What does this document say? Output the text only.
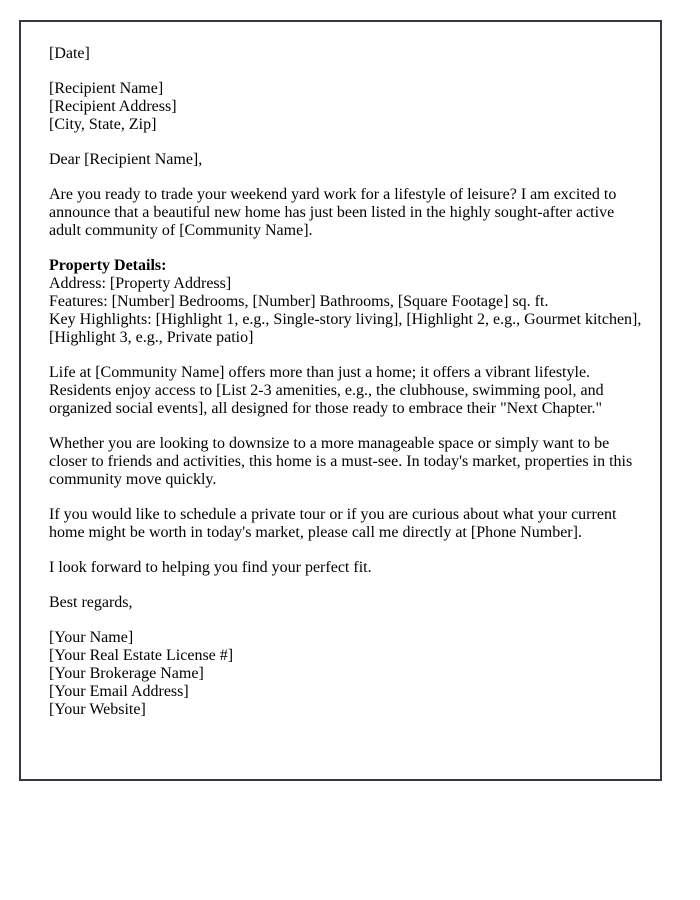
[Date]

[Recipient Name]
[Recipient Address]
[City, State, Zip]

Dear [Recipient Name],

Are you ready to trade your weekend yard work for a lifestyle of leisure? I am excited to announce that a beautiful new home has just been listed in the highly sought-after active adult community of [Community Name].

Property Details:
Address: [Property Address]
Features: [Number] Bedrooms, [Number] Bathrooms, [Square Footage] sq. ft.
Key Highlights: [Highlight 1, e.g., Single-story living], [Highlight 2, e.g., Gourmet kitchen], [Highlight 3, e.g., Private patio]

Life at [Community Name] offers more than just a home; it offers a vibrant lifestyle. Residents enjoy access to [List 2-3 amenities, e.g., the clubhouse, swimming pool, and organized social events], all designed for those ready to embrace their "Next Chapter."

Whether you are looking to downsize to a more manageable space or simply want to be closer to friends and activities, this home is a must-see. In today's market, properties in this community move quickly.

If you would like to schedule a private tour or if you are curious about what your current home might be worth in today's market, please call me directly at [Phone Number].

I look forward to helping you find your perfect fit.

Best regards,

[Your Name]
[Your Real Estate License #]
[Your Brokerage Name]
[Your Email Address]
[Your Website]
